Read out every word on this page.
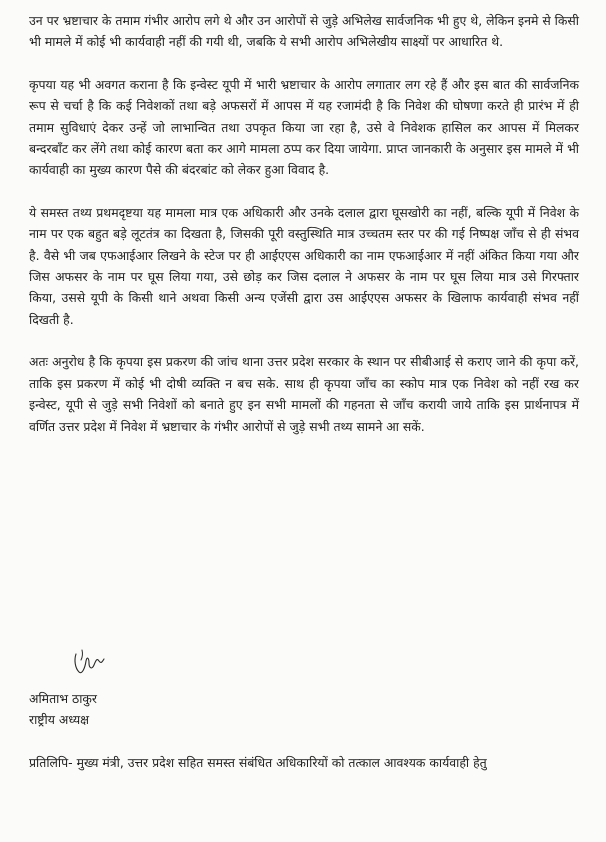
उन पर भ्रष्टाचार के तमाम गंभीर आरोप लगे थे और उन आरोपों से जुड़े अभिलेख सार्वजनिक भी हुए थे, लेकिन इनमे से किसी भी मामले में कोई भी कार्यवाही नहीं की गयी थी, जबकि ये सभी आरोप अभिलेखीय साक्ष्यों पर आधारित थे.

कृपया यह भी अवगत कराना है कि इन्वेस्ट यूपी में भारी भ्रष्टाचार के आरोप लगातार लग रहे हैं और इस बात की सार्वजनिक रूप से चर्चा है कि कई निवेशकों तथा बड़े अफसरों में आपस में यह रजामंदी है कि निवेश की घोषणा करते ही प्रारंभ में ही तमाम सुविधाएं देकर उन्हें जो लाभान्वित तथा उपकृत किया जा रहा है, उसे वे निवेशक हासिल कर आपस में मिलकर बन्दरबाँट कर लेंगे तथा कोई कारण बता कर आगे मामला ठप्प कर दिया जायेगा. प्राप्त जानकारी के अनुसार इस मामले में भी कार्यवाही का मुख्य कारण पैसे की बंदरबांट को लेकर हुआ विवाद है.

ये समस्त तथ्य प्रथमदृष्टया यह मामला मात्र एक अधिकारी और उनके दलाल द्वारा घूसखोरी का नहीं, बल्कि यूपी में निवेश के नाम पर एक बहुत बड़े लूटतंत्र का दिखता है, जिसकी पूरी वस्तुस्थिति मात्र उच्चतम स्तर पर की गई निष्पक्ष जाँच से ही संभव है. वैसे भी जब एफआईआर लिखने के स्टेज पर ही आईएएस अधिकारी का नाम एफआईआर में नहीं अंकित किया गया और जिस अफसर के नाम पर घूस लिया गया, उसे छोड़ कर जिस दलाल ने अफसर के नाम पर घूस लिया मात्र उसे गिरफ्तार किया, उससे यूपी के किसी थाने अथवा किसी अन्य एजेंसी द्वारा उस आईएएस अफसर के खिलाफ कार्यवाही संभव नहीं दिखती है.

अतः अनुरोध है कि कृपया इस प्रकरण की जांच थाना उत्तर प्रदेश सरकार के स्थान पर सीबीआई से कराए जाने की कृपा करें, ताकि इस प्रकरण में कोई भी दोषी व्यक्ति न बच सके. साथ ही कृपया जाँच का स्कोप मात्र एक निवेश को नहीं रख कर इन्वेस्ट, यूपी से जुड़े सभी निवेशों को बनाते हुए इन सभी मामलों की गहनता से जाँच करायी जाये ताकि इस प्रार्थनापत्र में वर्णित उत्तर प्रदेश में निवेश में भ्रष्टाचार के गंभीर आरोपों से जुड़े सभी तथ्य सामने आ सकें.

अमिताभ ठाकुर

राष्ट्रीय अध्यक्ष

प्रतिलिपि- मुख्य मंत्री, उत्तर प्रदेश सहित समस्त संबंधित अधिकारियों को तत्काल आवश्यक कार्यवाही हेतु
